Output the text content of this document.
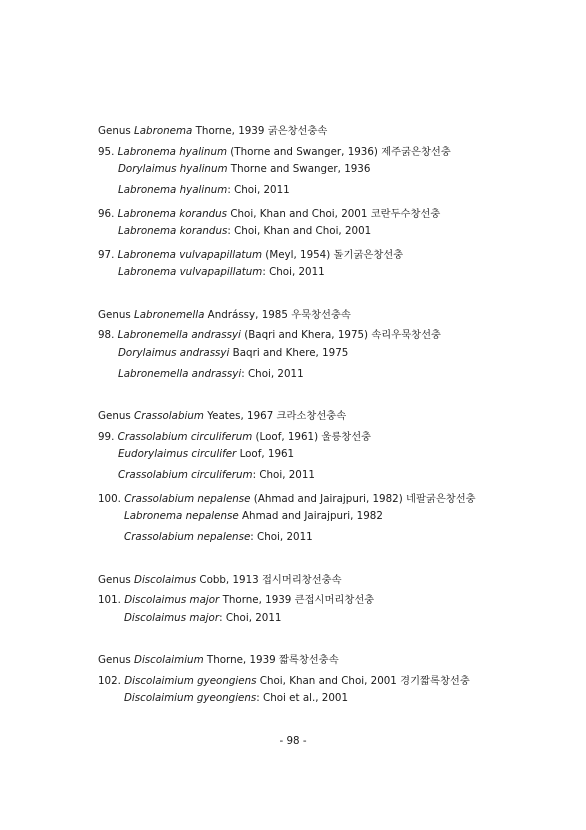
Genus Labronema Thorne, 1939 굵은창선충속
95. Labronema hyalinum (Thorne and Swanger, 1936) 제주굵은창선충
Dorylaimus hyalinum Thorne and Swanger, 1936
Labronema hyalinum: Choi, 2011
96. Labronema korandus Choi, Khan and Choi, 2001 코란두수창선충
Labronema korandus: Choi, Khan and Choi, 2001
97. Labronema vulvapapillatum (Meyl, 1954) 돌기굵은창선충
Labronema vulvapapillatum: Choi, 2011
Genus Labronemella Andrássy, 1985 우묵창선충속
98. Labronemella andrassyi (Baqri and Khera, 1975) 속리우묵창선충
Dorylaimus andrassyi Baqri and Khere, 1975
Labronemella andrassyi: Choi, 2011
Genus Crassolabium Yeates, 1967 크라소창선충속
99. Crassolabium circuliferum (Loof, 1961) 울릉창선충
Eudorylaimus circulifer Loof, 1961
Crassolabium circuliferum: Choi, 2011
100. Crassolabium nepalense (Ahmad and Jairajpuri, 1982) 네팔굵은창선충
Labronema nepalense Ahmad and Jairajpuri, 1982
Crassolabium nepalense: Choi, 2011
Genus Discolaimus Cobb, 1913 접시머리창선충속
101. Discolaimus major Thorne, 1939 큰접시머리창선충
Discolaimus major: Choi, 2011
Genus Discolaimium Thorne, 1939 짧록창선충속
102. Discolaimium gyeongiens Choi, Khan and Choi, 2001 경기짧록창선충
Discolaimium gyeongiens: Choi et al., 2001
- 98 -
